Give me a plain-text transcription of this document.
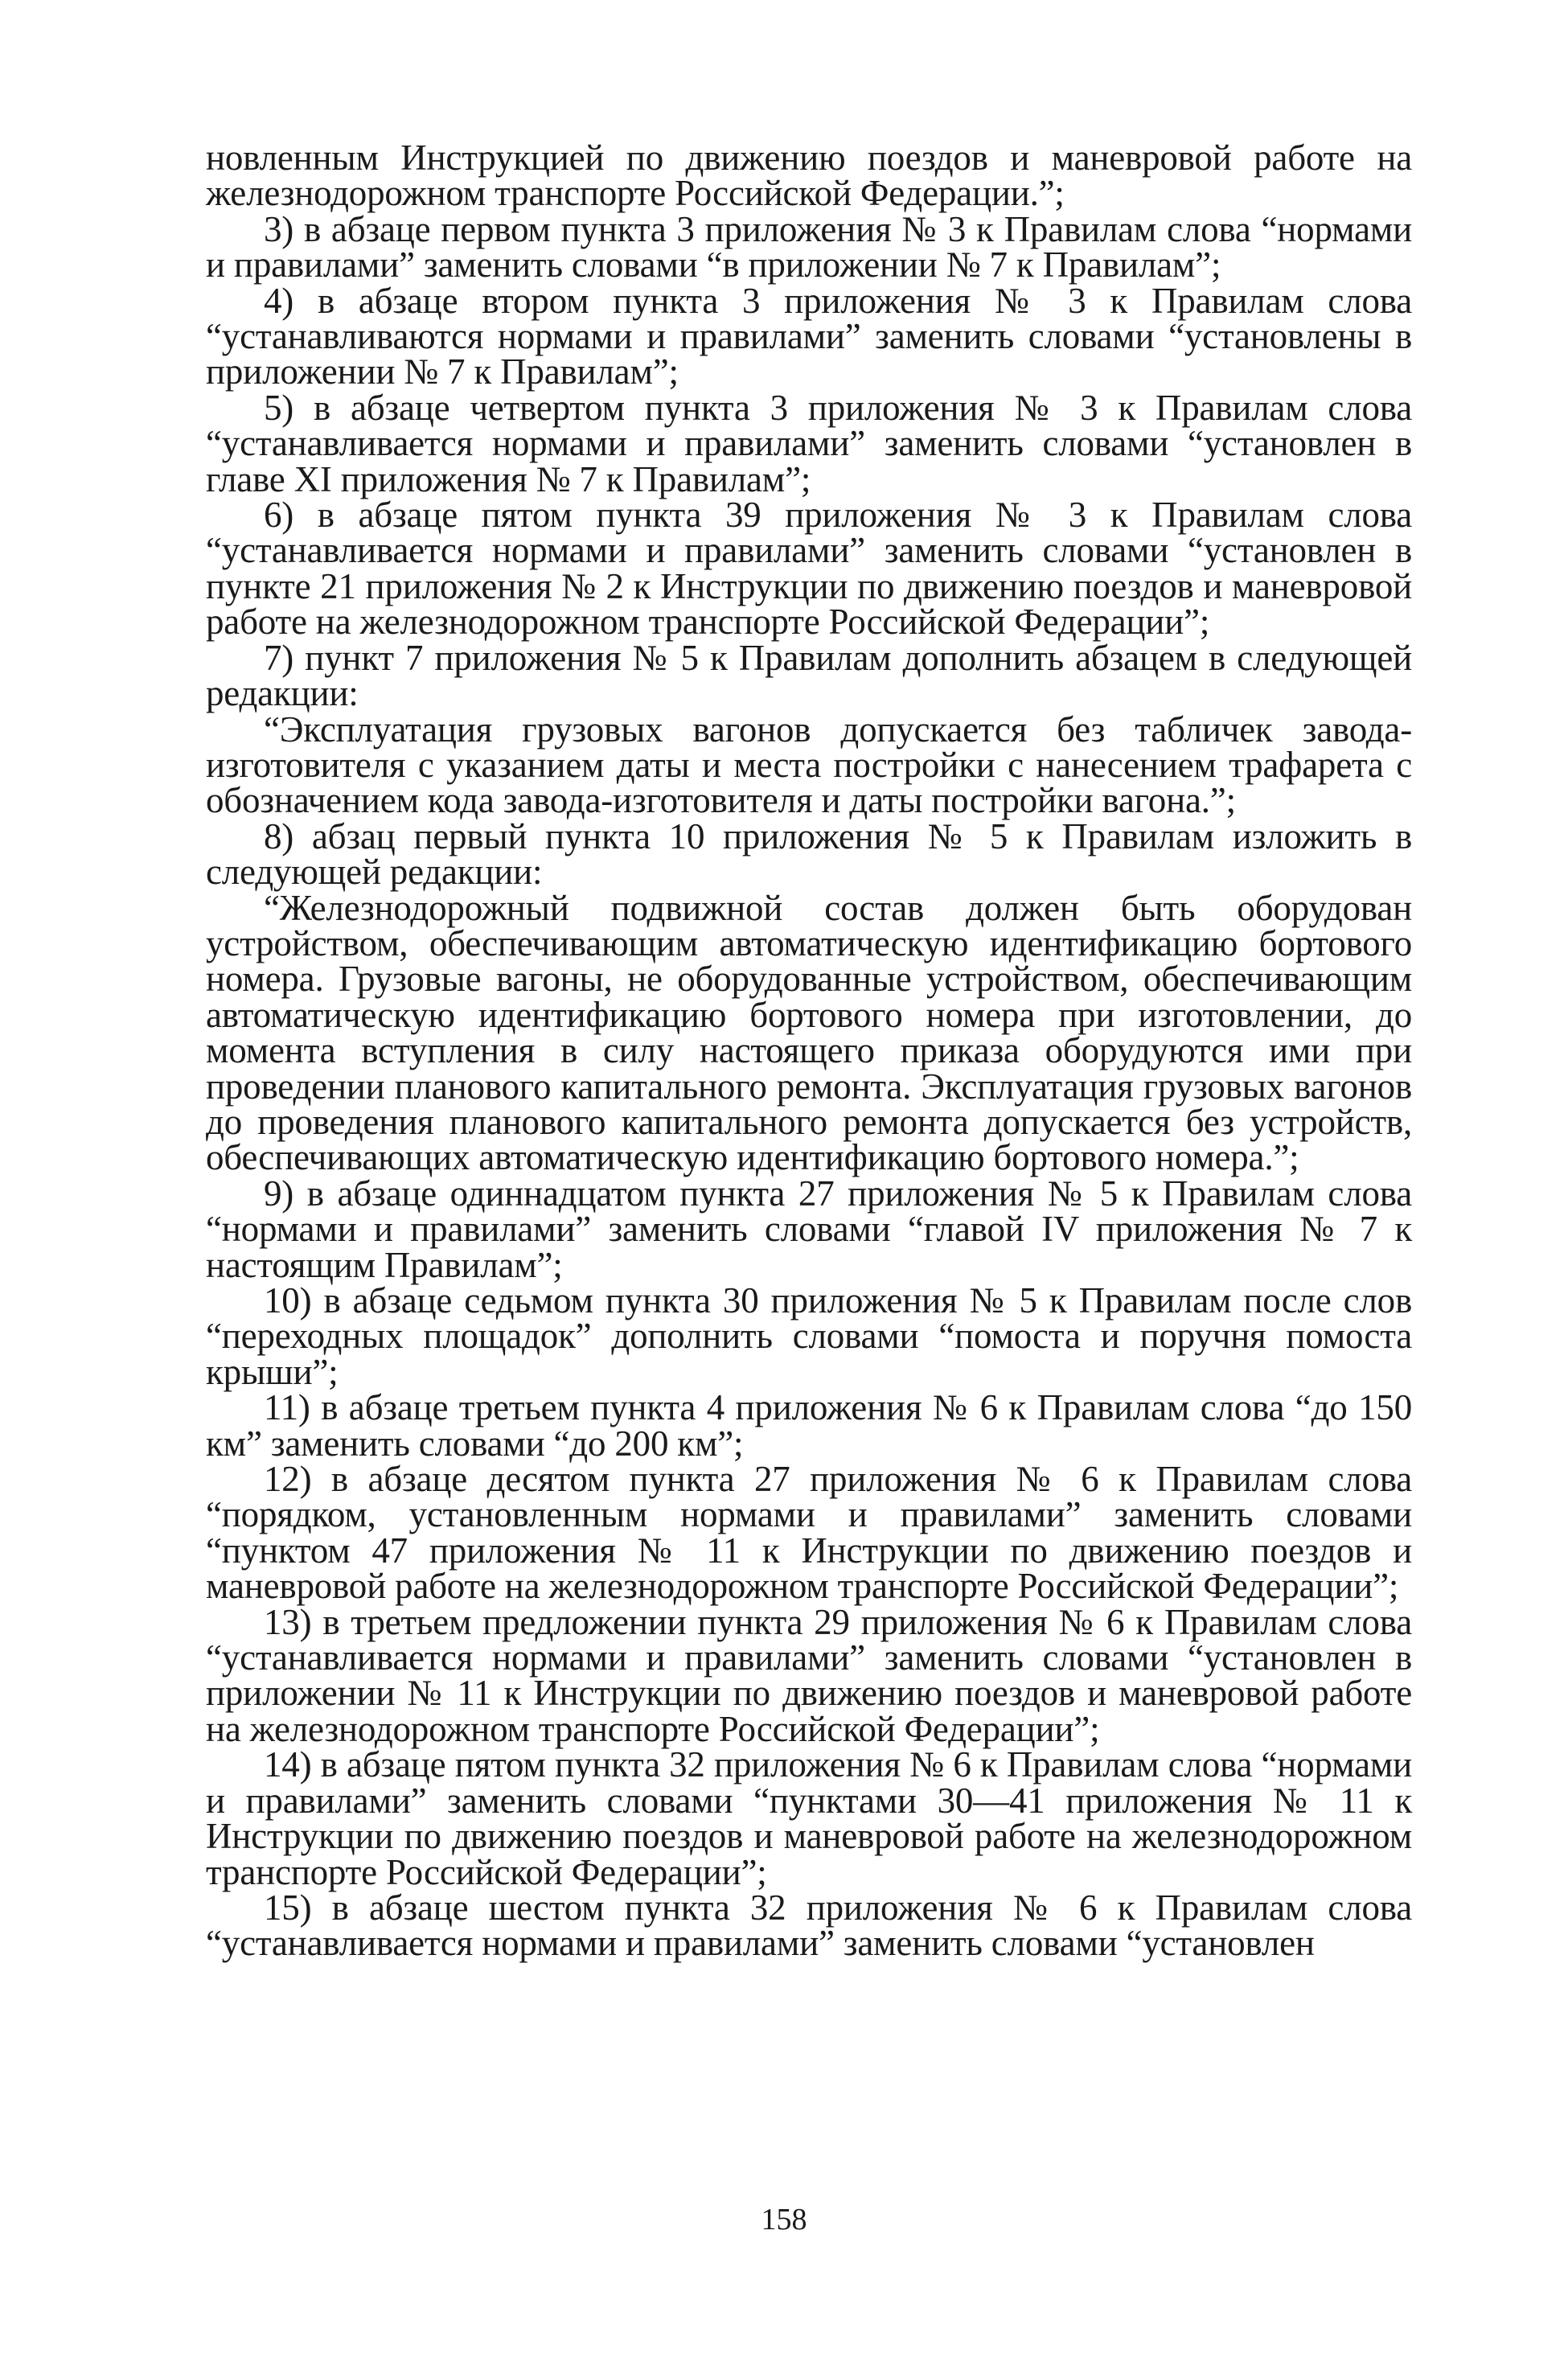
новленным Инструкцией по движению поездов и маневровой работе на железнодорожном транспорте Российской Федерации.”;

3) в абзаце первом пункта 3 приложения № 3 к Правилам слова “нормами и правилами” заменить словами “в приложении № 7 к Правилам”;

4) в абзаце втором пункта 3 приложения № 3 к Правилам слова “устанавливаются нормами и правилами” заменить словами “установлены в приложении № 7 к Правилам”;

5) в абзаце четвертом пункта 3 приложения № 3 к Правилам слова “устанавливается нормами и правилами” заменить словами “установлен в главе XI приложения № 7 к Правилам”;

6) в абзаце пятом пункта 39 приложения № 3 к Правилам слова “устанавливается нормами и правилами” заменить словами “установлен в пункте 21 приложения № 2 к Инструкции по движению поездов и маневровой работе на железнодорожном транспорте Российской Федерации”;

7) пункт 7 приложения № 5 к Правилам дополнить абзацем в следующей редакции:

“Эксплуатация грузовых вагонов допускается без табличек завода-изготовителя с указанием даты и места постройки с нанесением трафарета с обозначением кода завода-изготовителя и даты постройки вагона.”;

8) абзац первый пункта 10 приложения № 5 к Правилам изложить в следующей редакции:

“Железнодорожный подвижной состав должен быть оборудован устройством, обеспечивающим автоматическую идентификацию бортового номера. Грузовые вагоны, не оборудованные устройством, обеспечивающим автоматическую идентификацию бортового номера при изготовлении, до момента вступления в силу настоящего приказа оборудуются ими при проведении планового капитального ремонта. Эксплуатация грузовых вагонов до проведения планового капитального ремонта допускается без устройств, обеспечивающих автоматическую идентификацию бортового номера.”;

9) в абзаце одиннадцатом пункта 27 приложения № 5 к Правилам слова “нормами и правилами” заменить словами “главой IV приложения № 7 к настоящим Правилам”;

10) в абзаце седьмом пункта 30 приложения № 5 к Правилам после слов “переходных площадок” дополнить словами “помоста и поручня помоста крыши”;

11) в абзаце третьем пункта 4 приложения № 6 к Правилам слова “до 150 км” заменить словами “до 200 км”;

12) в абзаце десятом пункта 27 приложения № 6 к Правилам слова “порядком, установленным нормами и правилами” заменить словами “пунктом 47 приложения № 11 к Инструкции по движению поездов и маневровой работе на железнодорожном транспорте Российской Федерации”;

13) в третьем предложении пункта 29 приложения № 6 к Правилам слова “устанавливается нормами и правилами” заменить словами “установлен в приложении № 11 к Инструкции по движению поездов и маневровой работе на железнодорожном транспорте Российской Федерации”;

14) в абзаце пятом пункта 32 приложения № 6 к Правилам слова “нормами и правилами” заменить словами “пунктами 30—41 приложения № 11 к Инструкции по движению поездов и маневровой работе на железнодорожном транспорте Российской Федерации”;

15) в абзаце шестом пункта 32 приложения № 6 к Правилам слова “устанавливается нормами и правилами” заменить словами “установлен

158
